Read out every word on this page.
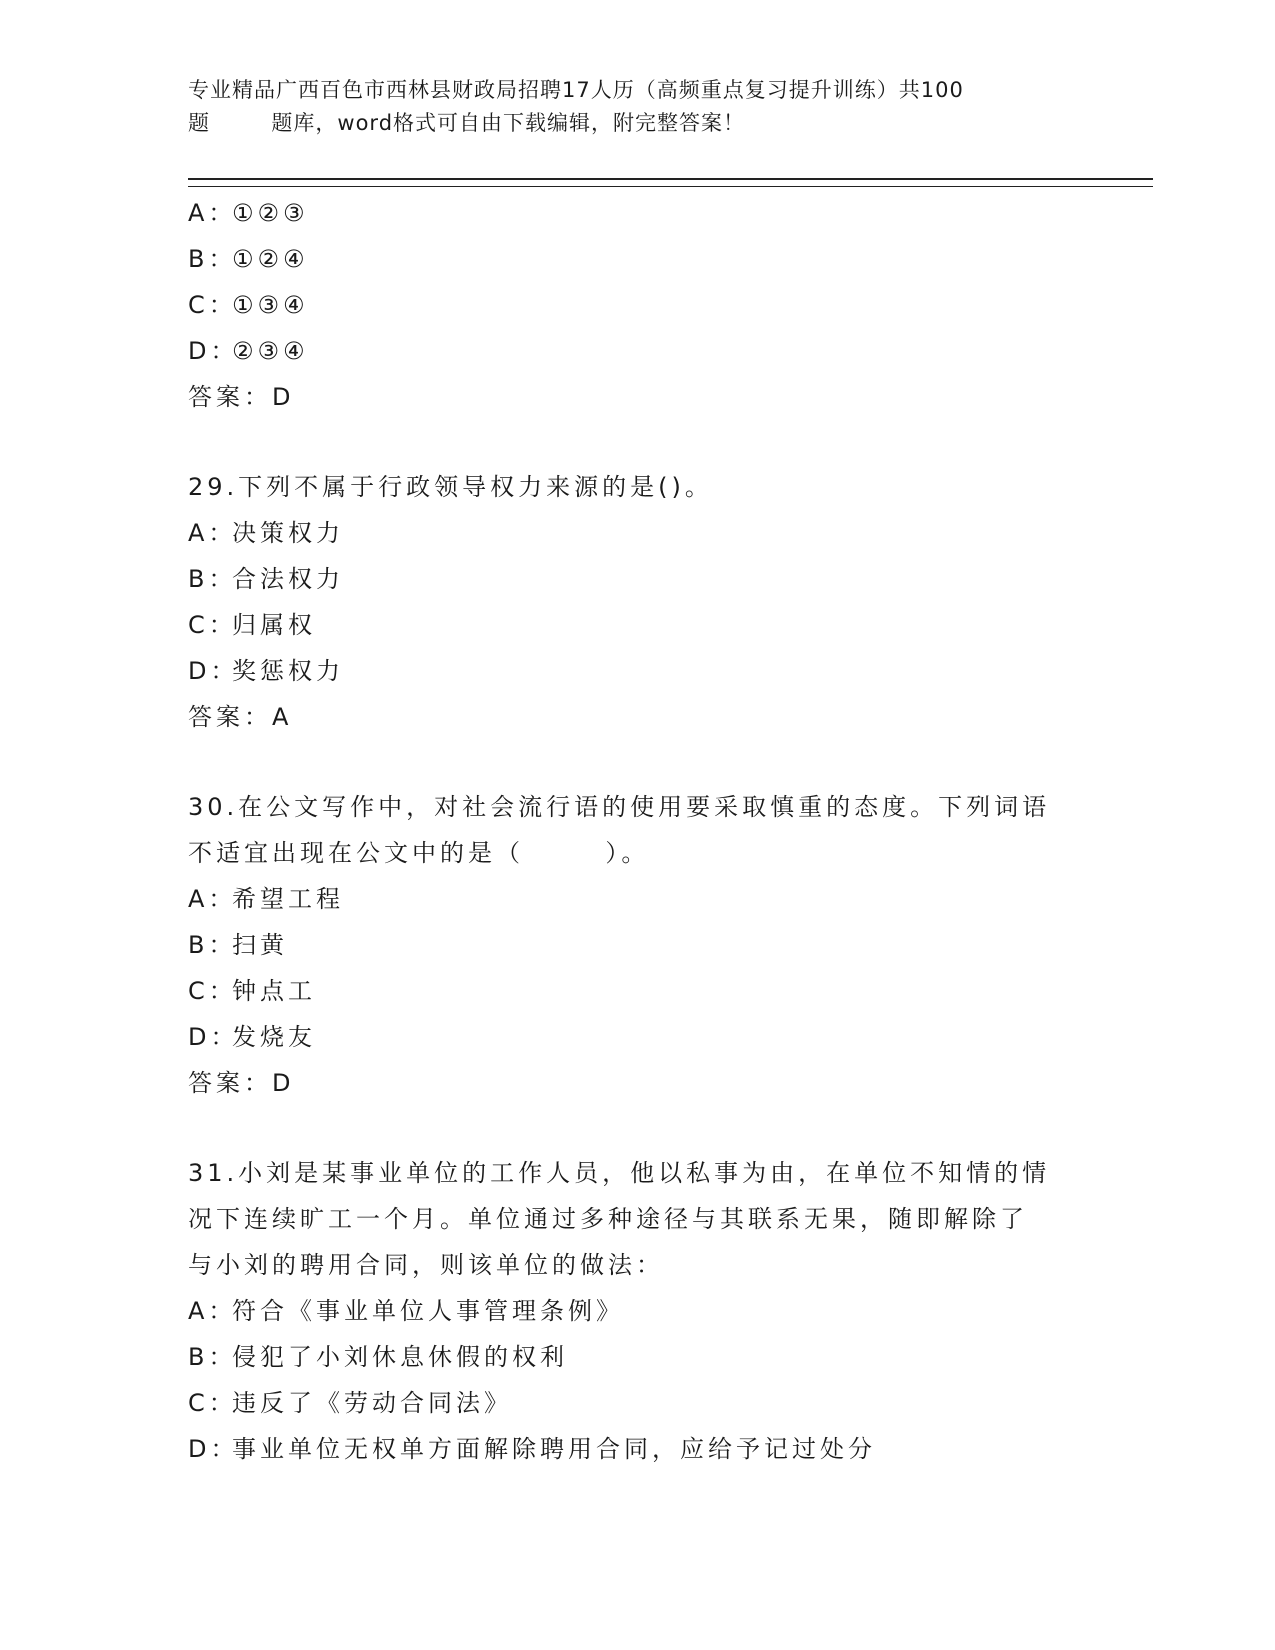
专业精品广西百色市西林县财政局招聘17人历（高频重点复习提升训练）共100
题        题库，word格式可自由下载编辑，附完整答案！
A：①②③
B：①②④
C：①③④
D：②③④
答案：D
29.下列不属于行政领导权力来源的是()。
A：决策权力
B：合法权力
C：归属权
D：奖惩权力
答案：A
30.在公文写作中，对社会流行语的使用要采取慎重的态度。下列词语
不适宜出现在公文中的是（       ）。
A：希望工程
B：扫黄
C：钟点工
D：发烧友
答案：D
31.小刘是某事业单位的工作人员，他以私事为由，在单位不知情的情
况下连续旷工一个月。单位通过多种途径与其联系无果，随即解除了
与小刘的聘用合同，则该单位的做法：
A：符合《事业单位人事管理条例》
B：侵犯了小刘休息休假的权利
C：违反了《劳动合同法》
D：事业单位无权单方面解除聘用合同，应给予记过处分
